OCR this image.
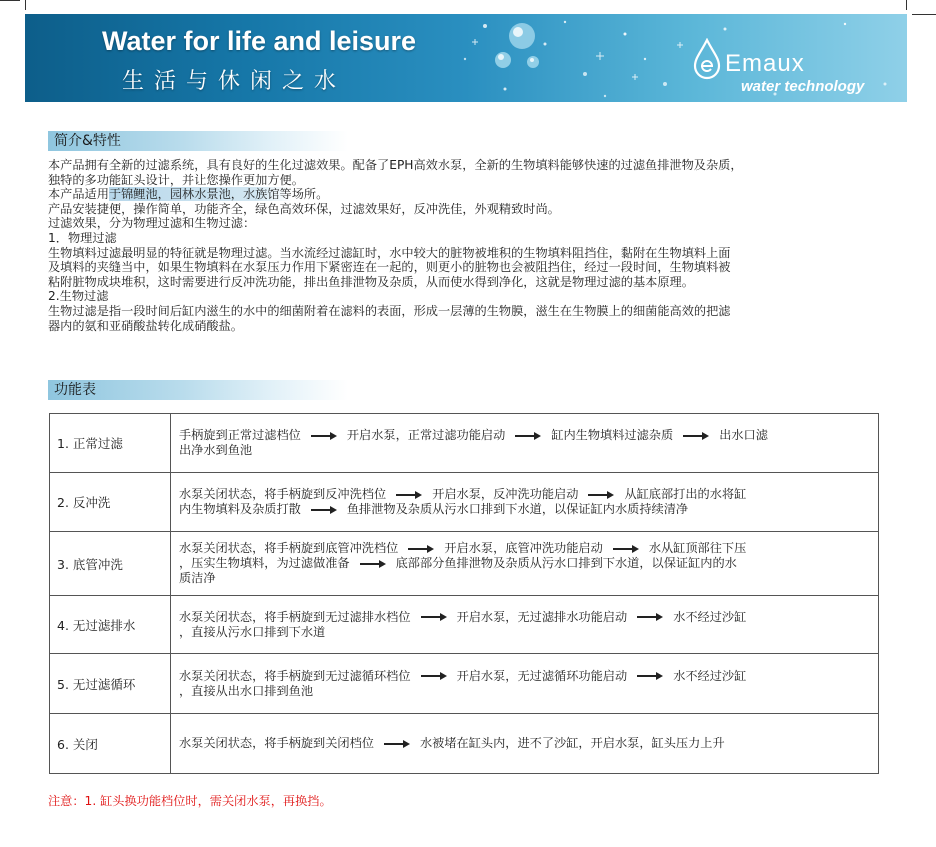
Water for life and leisure
生活与休闲之水
Emaux
water technology
简介&特性

本产品拥有全新的过滤系统，具有良好的生化过滤效果。配备了EPH高效水泵，全新的生物填料能够快速的过滤鱼排泄物及杂质，

独特的多功能缸头设计，并让您操作更加方便。

本产品适用于锦鲤池，园林水景池，水族馆等场所。

产品安装捷便，操作简单，功能齐全，绿色高效环保，过滤效果好，反冲洗佳，外观精致时尚。

过滤效果，分为物理过滤和生物过滤：

1．物理过滤

生物填料过滤最明显的特征就是物理过滤。当水流经过滤缸时，水中较大的脏物被堆积的生物填料阻挡住，黏附在生物填料上面

及填料的夹缝当中，如果生物填料在水泵压力作用下紧密连在一起的，则更小的脏物也会被阻挡住，经过一段时间，生物填料被

粘附脏物成块堆积，这时需要进行反冲洗功能，排出鱼排泄物及杂质，从而使水得到净化，这就是物理过滤的基本原理。

2.生物过滤

生物过滤是指一段时间后缸内滋生的水中的细菌附着在滤料的表面，形成一层薄的生物膜，滋生在生物膜上的细菌能高效的把滤

器内的氨和亚硝酸盐转化成硝酸盐。

功能表
1. 正常过滤	手柄旋到正常过滤档位 开启水泵，正常过滤功能启动 缸内生物填料过滤杂质 出水口滤
出净水到鱼池
2. 反冲洗	水泵关闭状态，将手柄旋到反冲洗档位 开启水泵，反冲洗功能启动 从缸底部打出的水将缸
内生物填料及杂质打散 鱼排泄物及杂质从污水口排到下水道，以保证缸内水质持续清净
3. 底管冲洗	水泵关闭状态，将手柄旋到底管冲洗档位 开启水泵，底管冲洗功能启动 水从缸顶部往下压
，压实生物填料，为过滤做准备 底部部分鱼排泄物及杂质从污水口排到下水道，以保证缸内的水
质洁净
4. 无过滤排水	水泵关闭状态，将手柄旋到无过滤排水档位 开启水泵，无过滤排水功能启动 水不经过沙缸
，直接从污水口排到下水道
5. 无过滤循环	水泵关闭状态，将手柄旋到无过滤循环档位 开启水泵，无过滤循环功能启动 水不经过沙缸
，直接从出水口排到鱼池
6. 关闭	水泵关闭状态，将手柄旋到关闭档位 水被堵在缸头内，进不了沙缸，开启水泵，缸头压力上升
注意：1. 缸头换功能档位时，需关闭水泵，再换挡。
